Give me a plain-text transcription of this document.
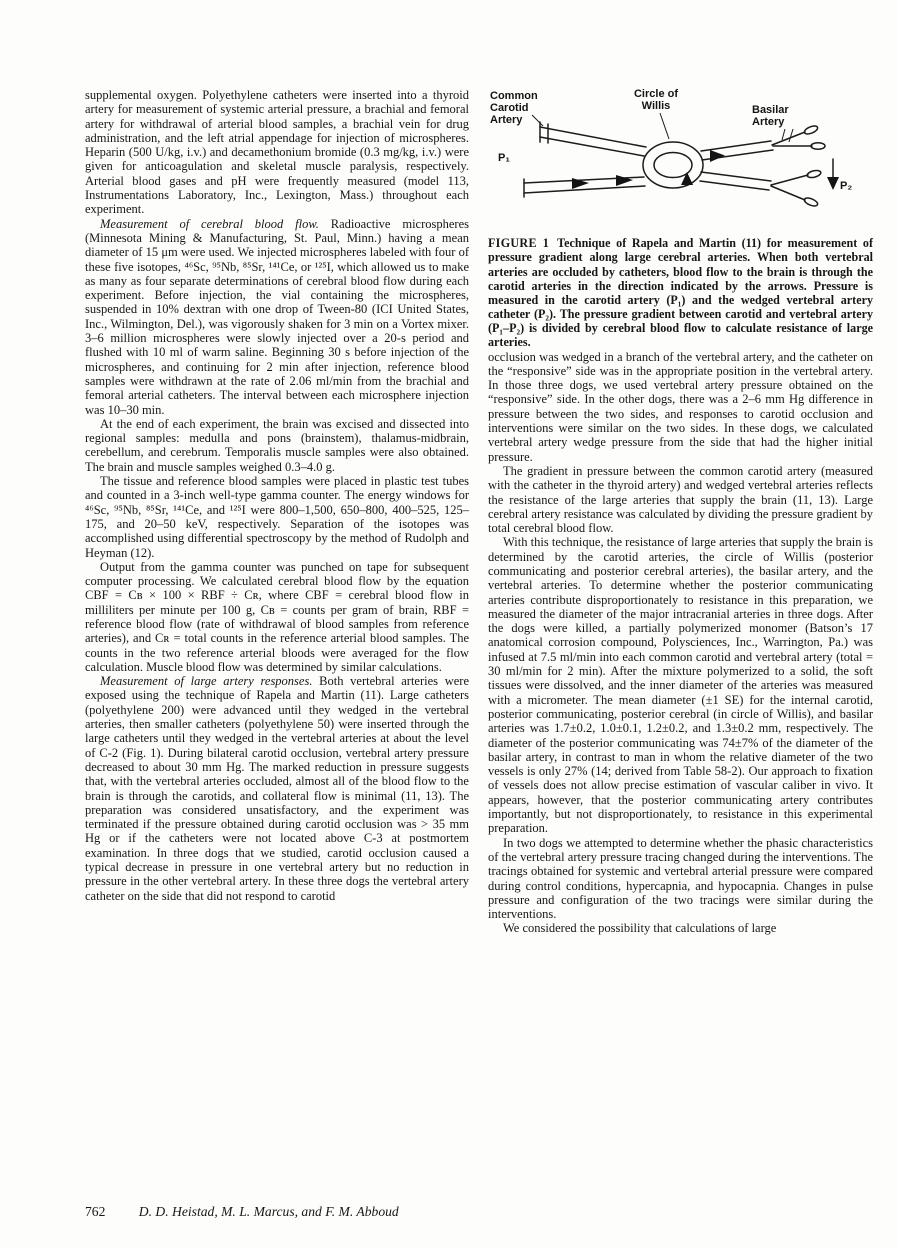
supplemental oxygen. Polyethylene catheters were inserted into a thyroid artery for measurement of systemic arterial pressure, a brachial and femoral artery for withdrawal of arterial blood samples, a brachial vein for drug administration, and the left atrial appendage for injection of microspheres. Heparin (500 U/kg, i.v.) and decamethonium bromide (0.3 mg/kg, i.v.) were given for anticoagulation and skeletal muscle paralysis, respectively. Arterial blood gases and pH were frequently measured (model 113, Instrumentations Laboratory, Inc., Lexington, Mass.) throughout each experiment.

Measurement of cerebral blood flow. Radioactive microspheres (Minnesota Mining & Manufacturing, St. Paul, Minn.) having a mean diameter of 15 μm were used. We injected microspheres labeled with four of these five isotopes, ⁴⁶Sc, ⁹⁵Nb, ⁸⁵Sr, ¹⁴¹Ce, or ¹²⁵I, which allowed us to make as many as four separate determinations of cerebral blood flow during each experiment. Before injection, the vial containing the microspheres, suspended in 10% dextran with one drop of Tween-80 (ICI United States, Inc., Wilmington, Del.), was vigorously shaken for 3 min on a Vortex mixer. 3–6 million microspheres were slowly injected over a 20-s period and flushed with 10 ml of warm saline. Beginning 30 s before injection of the microspheres, and continuing for 2 min after injection, reference blood samples were withdrawn at the rate of 2.06 ml/min from the brachial and femoral arterial catheters. The interval between each microsphere injection was 10–30 min.

At the end of each experiment, the brain was excised and dissected into regional samples: medulla and pons (brainstem), thalamus-midbrain, cerebellum, and cerebrum. Temporalis muscle samples were also obtained. The brain and muscle samples weighed 0.3–4.0 g.

The tissue and reference blood samples were placed in plastic test tubes and counted in a 3-inch well-type gamma counter. The energy windows for ⁴⁶Sc, ⁹⁵Nb, ⁸⁵Sr, ¹⁴¹Ce, and ¹²⁵I were 800–1,500, 650–800, 400–525, 125–175, and 20–50 keV, respectively. Separation of the isotopes was accomplished using differential spectroscopy by the method of Rudolph and Heyman (12).

Output from the gamma counter was punched on tape for subsequent computer processing. We calculated cerebral blood flow by the equation CBF = Cʙ × 100 × RBF ÷ Cʀ, where CBF = cerebral blood flow in milliliters per minute per 100 g, Cʙ = counts per gram of brain, RBF = reference blood flow (rate of withdrawal of blood samples from reference arteries), and Cʀ = total counts in the reference arterial blood samples. The counts in the two reference arterial bloods were averaged for the flow calculation. Muscle blood flow was determined by similar calculations.

Measurement of large artery responses. Both vertebral arteries were exposed using the technique of Rapela and Martin (11). Large catheters (polyethylene 200) were advanced until they wedged in the vertebral arteries, then smaller catheters (polyethylene 50) were inserted through the large catheters until they wedged in the vertebral arteries at about the level of C-2 (Fig. 1). During bilateral carotid occlusion, vertebral artery pressure decreased to about 30 mm Hg. The marked reduction in pressure suggests that, with the vertebral arteries occluded, almost all of the blood flow to the brain is through the carotids, and collateral flow is minimal (11, 13). The preparation was considered unsatisfactory, and the experiment was terminated if the pressure obtained during carotid occlusion was > 35 mm Hg or if the catheters were not located above C-3 at postmortem examination. In three dogs that we studied, carotid occlusion caused a typical decrease in pressure in one vertebral artery but no reduction in pressure in the other vertebral artery. In these three dogs the vertebral artery catheter on the side that did not respond to carotid

Common
Carotid
Artery
Circle of
Willis	Basilar
Artery
P₁
P₂

FIGURE 1 Technique of Rapela and Martin (11) for measurement of pressure gradient along large cerebral arteries. When both vertebral arteries are occluded by catheters, blood flow to the brain is through the carotid arteries in the direction indicated by the arrows. Pressure is measured in the carotid artery (P₁) and the wedged vertebral artery catheter (P₂). The pressure gradient between carotid and vertebral artery (P₁–P₂) is divided by cerebral blood flow to calculate resistance of large arteries.

occlusion was wedged in a branch of the vertebral artery, and the catheter on the “responsive” side was in the appropriate position in the vertebral artery. In those three dogs, we used vertebral artery pressure obtained on the “responsive” side. In the other dogs, there was a 2–6 mm Hg difference in pressure between the two sides, and responses to carotid occlusion and interventions were similar on the two sides. In these dogs, we calculated vertebral artery wedge pressure from the side that had the higher initial pressure.

The gradient in pressure between the common carotid artery (measured with the catheter in the thyroid artery) and wedged vertebral arteries reflects the resistance of the large arteries that supply the brain (11, 13). Large cerebral artery resistance was calculated by dividing the pressure gradient by total cerebral blood flow.

With this technique, the resistance of large arteries that supply the brain is determined by the carotid arteries, the circle of Willis (posterior communicating and posterior cerebral arteries), the basilar artery, and the vertebral arteries. To determine whether the posterior communicating arteries contribute disproportionately to resistance in this preparation, we measured the diameter of the major intracranial arteries in three dogs. After the dogs were killed, a partially polymerized monomer (Batson’s 17 anatomical corrosion compound, Polysciences, Inc., Warrington, Pa.) was infused at 7.5 ml/min into each common carotid and vertebral artery (total = 30 ml/min for 2 min). After the mixture polymerized to a solid, the soft tissues were dissolved, and the inner diameter of the arteries was measured with a micrometer. The mean diameter (±1 SE) for the internal carotid, posterior communicating, posterior cerebral (in circle of Willis), and basilar arteries was 1.7±0.2, 1.0±0.1, 1.2±0.2, and 1.3±0.2 mm, respectively. The diameter of the posterior communicating was 74±7% of the diameter of the basilar artery, in contrast to man in whom the relative diameter of the two vessels is only 27% (14; derived from Table 58-2). Our approach to fixation of vessels does not allow precise estimation of vascular caliber in vivo. It appears, however, that the posterior communicating artery contributes importantly, but not disproportionately, to resistance in this experimental preparation.

In two dogs we attempted to determine whether the phasic characteristics of the vertebral artery pressure tracing changed during the interventions. The tracings obtained for systemic and vertebral arterial pressure were compared during control conditions, hypercapnia, and hypocapnia. Changes in pulse pressure and configuration of the two tracings were similar during the interventions.

We considered the possibility that calculations of large

762 D. D. Heistad, M. L. Marcus, and F. M. Abboud
